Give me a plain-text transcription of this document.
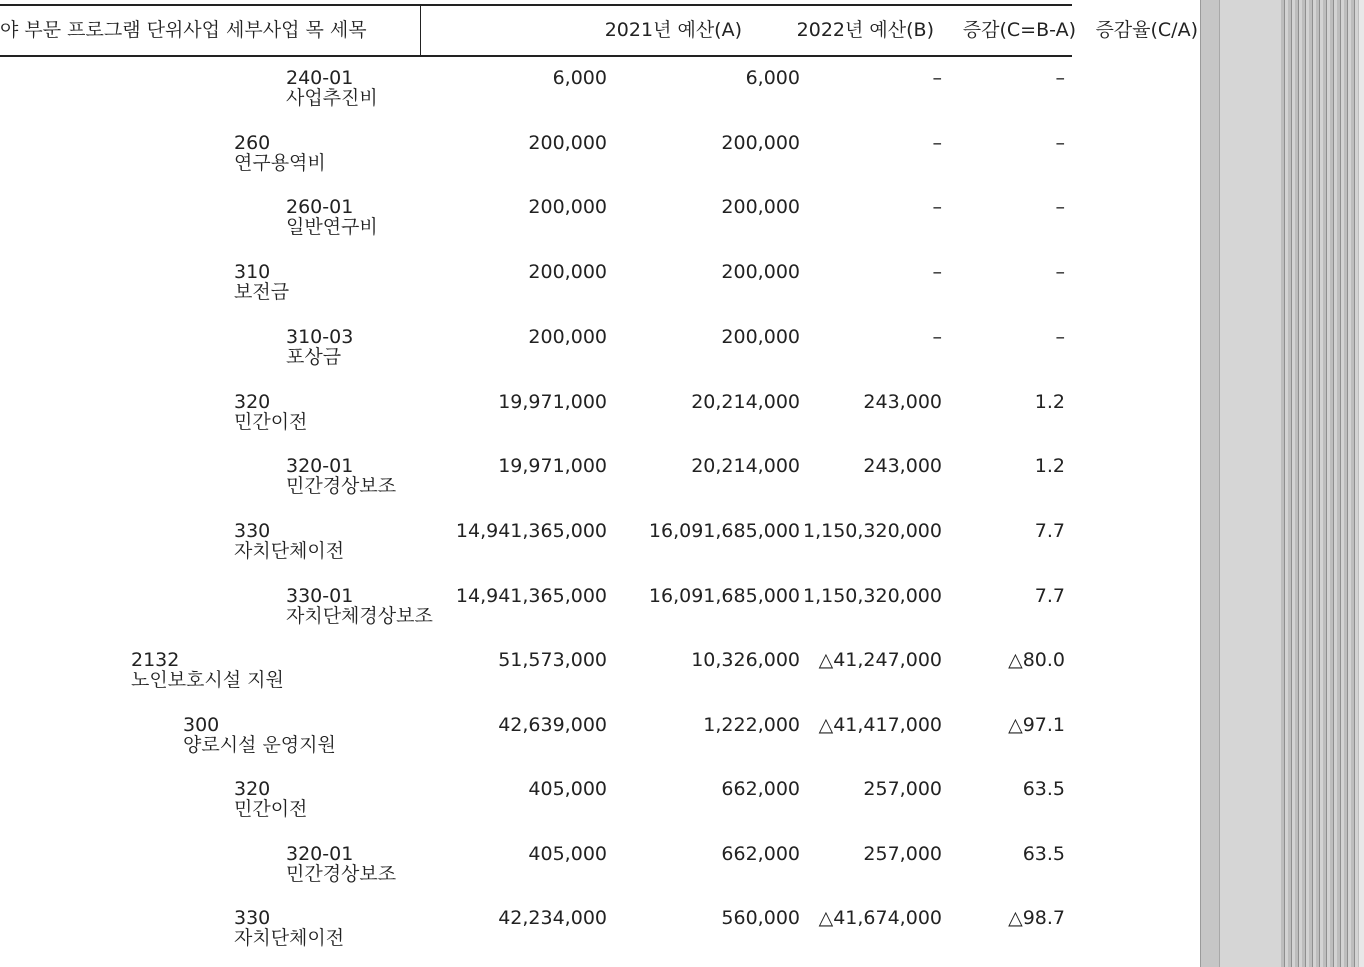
야 부문 프로그램 단위사업 세부사업 목 세목	2021년 예산(A)	2022년 예산(B) 증감(C=B-A) 증감율(C/A)
240-01
사업추진비
6,000	6,000	–	–
260
연구용역비
200,000	200,000	–	–
260-01
일반연구비
200,000	200,000	–	–
310
보전금
200,000	200,000	–	–
310-03
포상금
200,000	200,000	–	–
320
민간이전
19,971,000	20,214,000	243,000	1.2
320-01
민간경상보조
19,971,000	20,214,000	243,000	1.2
330
자치단체이전
14,941,365,000 16,091,685,000 1,150,320,000	7.7
330-01
자치단체경상보조
14,941,365,000 16,091,685,000 1,150,320,000	7.7
2132
노인보호시설 지원
51,573,000	10,326,000 △41,247,000	△80.0
300
양로시설 운영지원
42,639,000	1,222,000 △41,417,000	△97.1
320
민간이전
405,000	662,000	257,000	63.5
320-01
민간경상보조
405,000	662,000	257,000	63.5
330
자치단체이전
42,234,000	560,000 △41,674,000	△98.7
